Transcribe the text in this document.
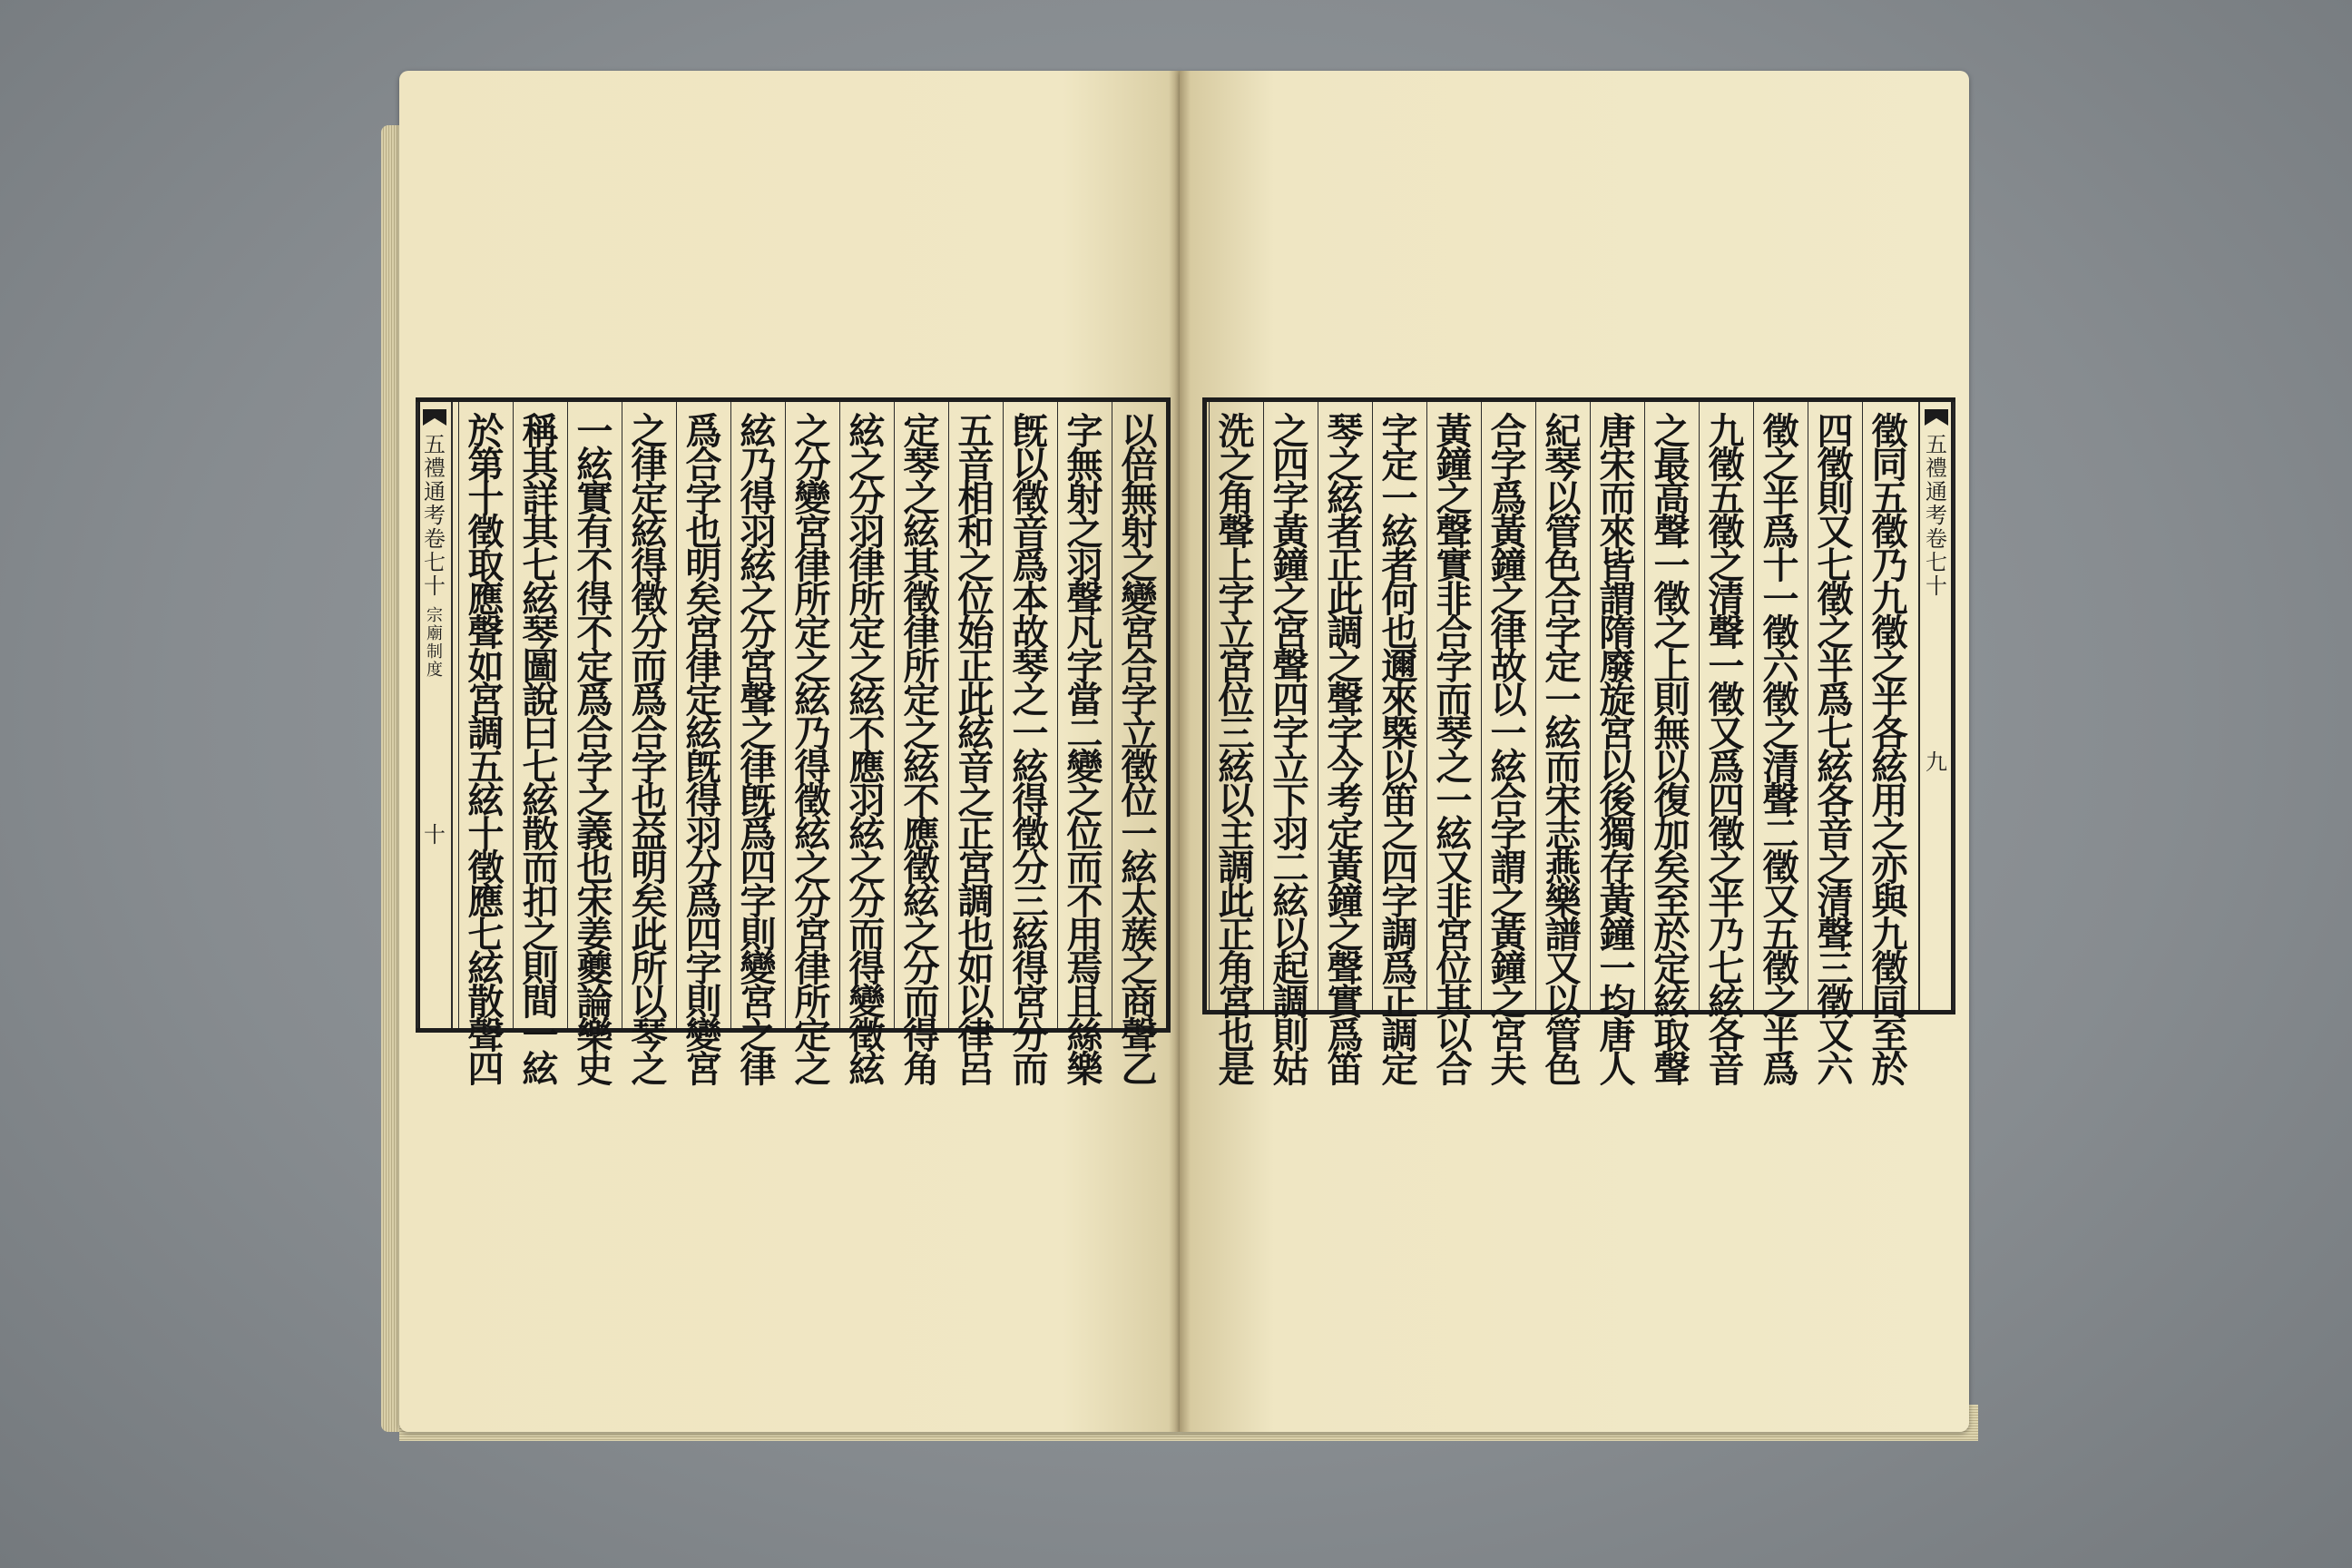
五
禮
通
考
卷
七
十
宗
廟
制
度
十
以
倍
無
射
之
變
宮
合
字
立
徵
位
一
絃
太
蔟
之
商
聲
乙
字
無
射
之
羽
聲
凡
字
當
二
變
之
位
而
不
用
焉
且
絲
樂
旣
以
徵
音
爲
本
故
琴
之
一
絃
得
徵
分
三
絃
得
宮
分
而
五
音
相
和
之
位
始
正
此
絃
音
之
正
宮
調
也
如
以
律
呂
定
琴
之
絃
其
徵
律
所
定
之
絃
不
應
徵
絃
之
分
而
得
角
絃
之
分
羽
律
所
定
之
絃
不
應
羽
絃
之
分
而
得
變
徵
絃
之
分
變
宮
律
所
定
之
絃
乃
得
徵
絃
之
分
宮
律
所
定
之
絃
乃
得
羽
絃
之
分
宮
聲
之
律
旣
爲
四
字
則
變
宮
之
律
爲
合
字
也
明
矣
宮
律
定
絃
旣
得
羽
分
爲
四
字
則
變
宮
之
律
定
絃
得
徵
分
而
爲
合
字
也
益
明
矣
此
所
以
琴
之
一
絃
實
有
不
得
不
定
爲
合
字
之
義
也
宋
姜
夔
論
樂
史
稱
其
詳
其
七
絃
琴
圖
說
曰
七
絃
散
而
扣
之
則
間
一
絃
於
第
十
徵
取
應
聲
如
宮
調
五
絃
十
徵
應
七
絃
散
聲
四
五
禮
通
考
卷
七
十
九
徵
同
五
徵
乃
九
徵
之
半
各
絃
用
之
亦
與
九
徵
同
至
於
四
徵
則
又
七
徵
之
半
爲
七
絃
各
音
之
清
聲
三
徵
又
六
徵
之
半
爲
十
一
徵
六
徵
之
清
聲
二
徵
又
五
徵
之
半
爲
九
徵
五
徵
之
清
聲
一
徵
又
爲
四
徵
之
半
乃
七
絃
各
音
之
最
高
聲
一
徵
之
上
則
無
以
復
加
矣
至
於
定
絃
取
聲
唐
宋
而
來
皆
謂
隋
廢
旋
宮
以
後
獨
存
黃
鐘
一
均
唐
人
紀
琴
以
管
色
合
字
定
一
絃
而
宋
志
燕
樂
譜
又
以
管
色
合
字
爲
黃
鐘
之
律
故
以
一
絃
合
字
謂
之
黃
鐘
之
宮
夫
黃
鐘
之
聲
實
非
合
字
而
琴
之
一
絃
又
非
宮
位
其
以
合
字
定
一
絃
者
何
也
邇
來
槩
以
笛
之
四
字
調
爲
正
調
定
琴
之
絃
者
正
此
調
之
聲
字
今
考
定
黃
鐘
之
聲
實
爲
笛
之
四
字
黃
鐘
之
宮
聲
四
字
立
下
羽
二
絃
以
起
調
則
姑
洗
之
角
聲
上
字
立
宮
位
三
絃
以
主
調
此
正
角
宮
也
是
